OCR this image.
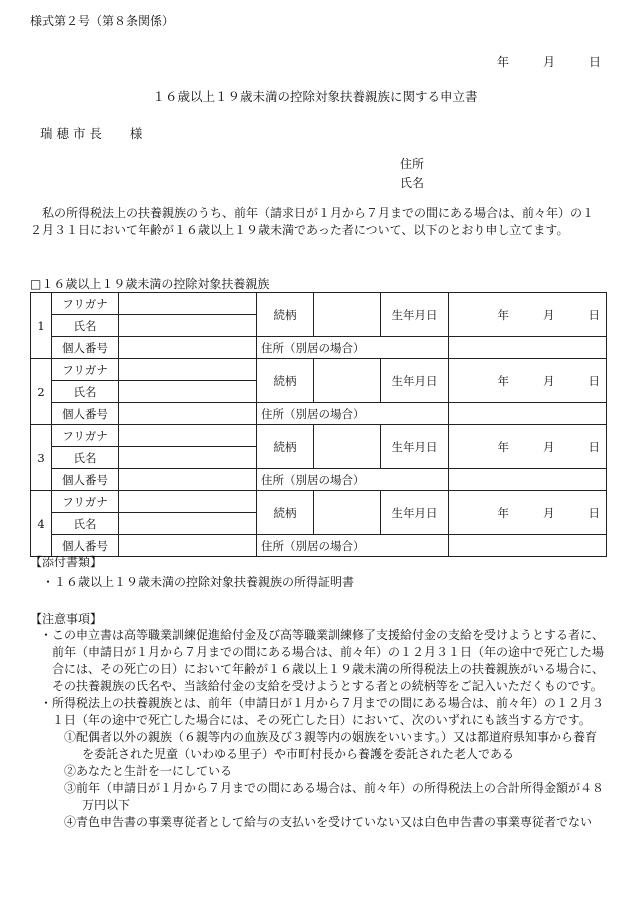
様式第２号（第８条関係）
年	月	日
１６歳以上１９歳未満の控除対象扶養親族に関する申立書
瑞 穂 市 長 様
住所
氏名
私の所得税法上の扶養親族のうち、前年（請求日が１月から７月までの間にある場合は、前々年）の１２月３１日において年齢が１６歳以上１９歳未満であった者について、以下のとおり申し立てます。
□１６歳以上１９歳未満の控除対象扶養親族
1	フリガナ		続柄		生年月日	年 月 日
	氏名					
	個人番号		住所（別居の場合）			
2	フリガナ		続柄		生年月日	年 月 日
	氏名					
	個人番号		住所（別居の場合）			
3	フリガナ		続柄		生年月日	年 月 日
	氏名					
	個人番号		住所（別居の場合）			
4	フリガナ		続柄		生年月日	年 月 日
	氏名					
	個人番号		住所（別居の場合）			
【添付書類】
・１６歳以上１９歳未満の控除対象扶養親族の所得証明書
【注意事項】

・この申立書は高等職業訓練促進給付金及び高等職業訓練修了支援給付金の支給を受けようとする者に、前年（申請日が１月から７月までの間にある場合は、前々年）の１２月３１日（年の途中で死亡した場合には、その死亡の日）において年齢が１６歳以上１９歳未満の所得税法上の扶養親族がいる場合に、その扶養親族の氏名や、当該給付金の支給を受けようとする者との続柄等をご記入いただくものです。

・所得税法上の扶養親族とは、前年（申請日が１月から７月までの間にある場合は、前々年）の１２月３１日（年の途中で死亡した場合には、その死亡した日）において、次のいずれにも該当する方です。

①配偶者以外の親族（６親等内の血族及び３親等内の姻族をいいます。）又は都道府県知事から養育を委託された児童（いわゆる里子）や市町村長から養護を委託された老人である

②あなたと生計を一にしている

③前年（申請日が１月から７月までの間にある場合は、前々年）の所得税法上の合計所得金額が４８万円以下

④青色申告書の事業専従者として給与の支払いを受けていない又は白色申告書の事業専従者でない
